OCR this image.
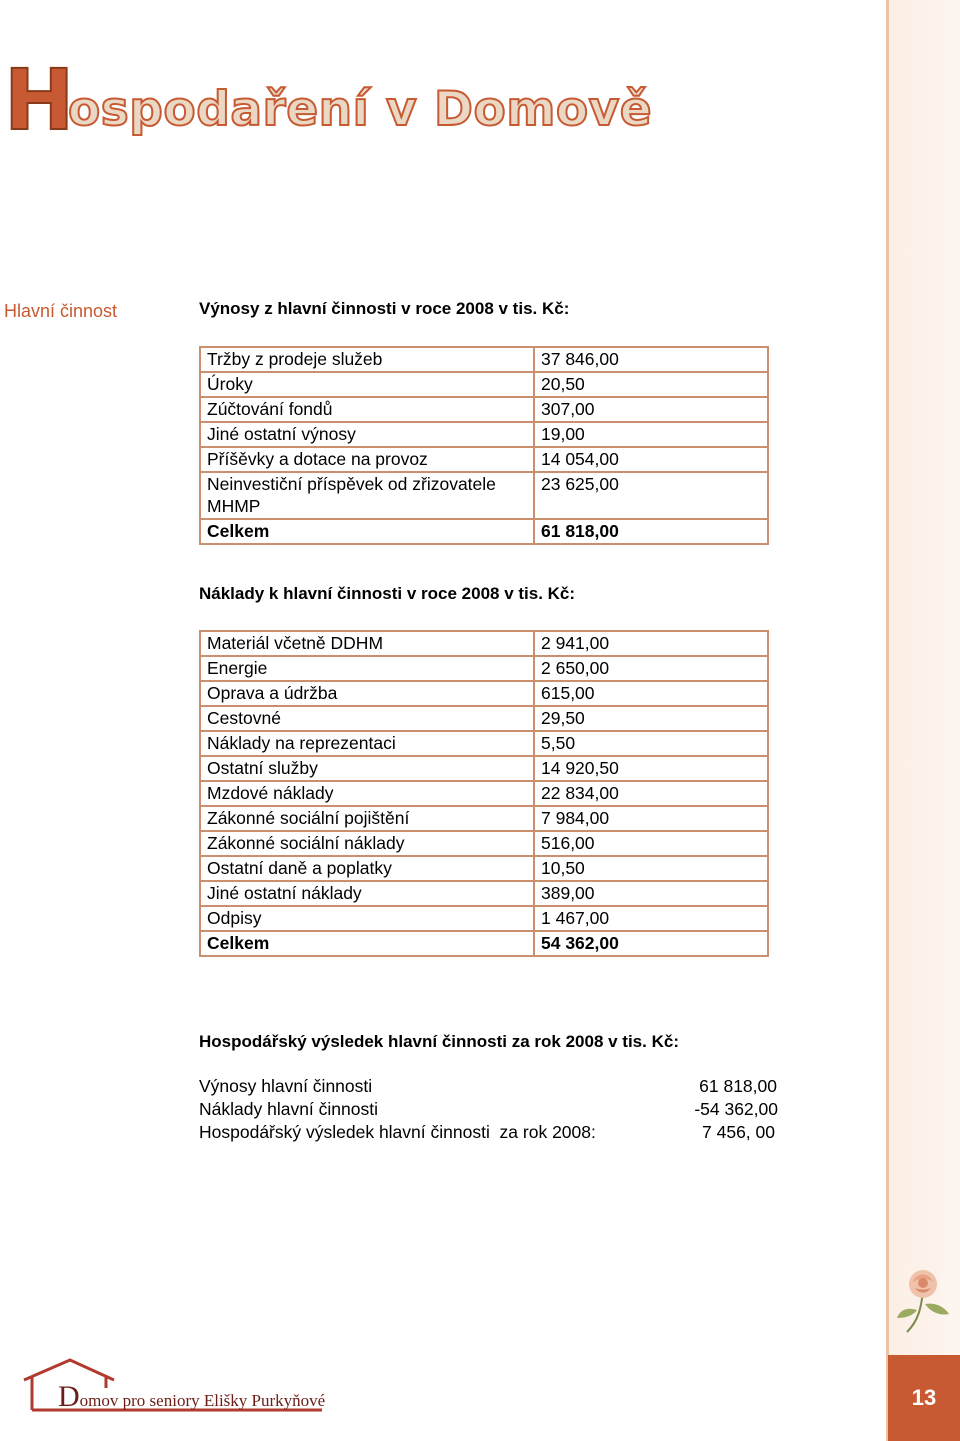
13
H
ospodaření v Domově
Hlavní činnost	Výnosy z hlavní činnosti v roce 2008 v tis. Kč:
Tržby z prodeje služeb	37 846,00
Úroky	20,50
Zúčtování fondů	307,00
Jiné ostatní výnosy	19,00
Příšěvky a dotace na provoz	14 054,00
Neinvestiční příspěvek od zřizovatele MHMP	23 625,00
Celkem	61 818,00
Náklady k hlavní činnosti v roce 2008 v tis. Kč:
Materiál včetně DDHM	2 941,00
Energie	2 650,00
Oprava a údržba	615,00
Cestovné	29,50
Náklady na reprezentaci	5,50
Ostatní služby	14 920,50
Mzdové náklady	22 834,00
Zákonné sociální pojištění	7 984,00
Zákonné sociální náklady	516,00
Ostatní daně a poplatky	10,50
Jiné ostatní náklady	389,00
Odpisy	1 467,00
Celkem	54 362,00
Hospodářský výsledek hlavní činnosti za rok 2008 v tis. Kč:
Výnosy hlavní činnosti	61 818,00
Náklady hlavní činnosti	-54 362,00
Hospodářský výsledek hlavní činnosti  za rok 2008:	7 456, 00
Domov pro seniory Elišky Purkyňové
